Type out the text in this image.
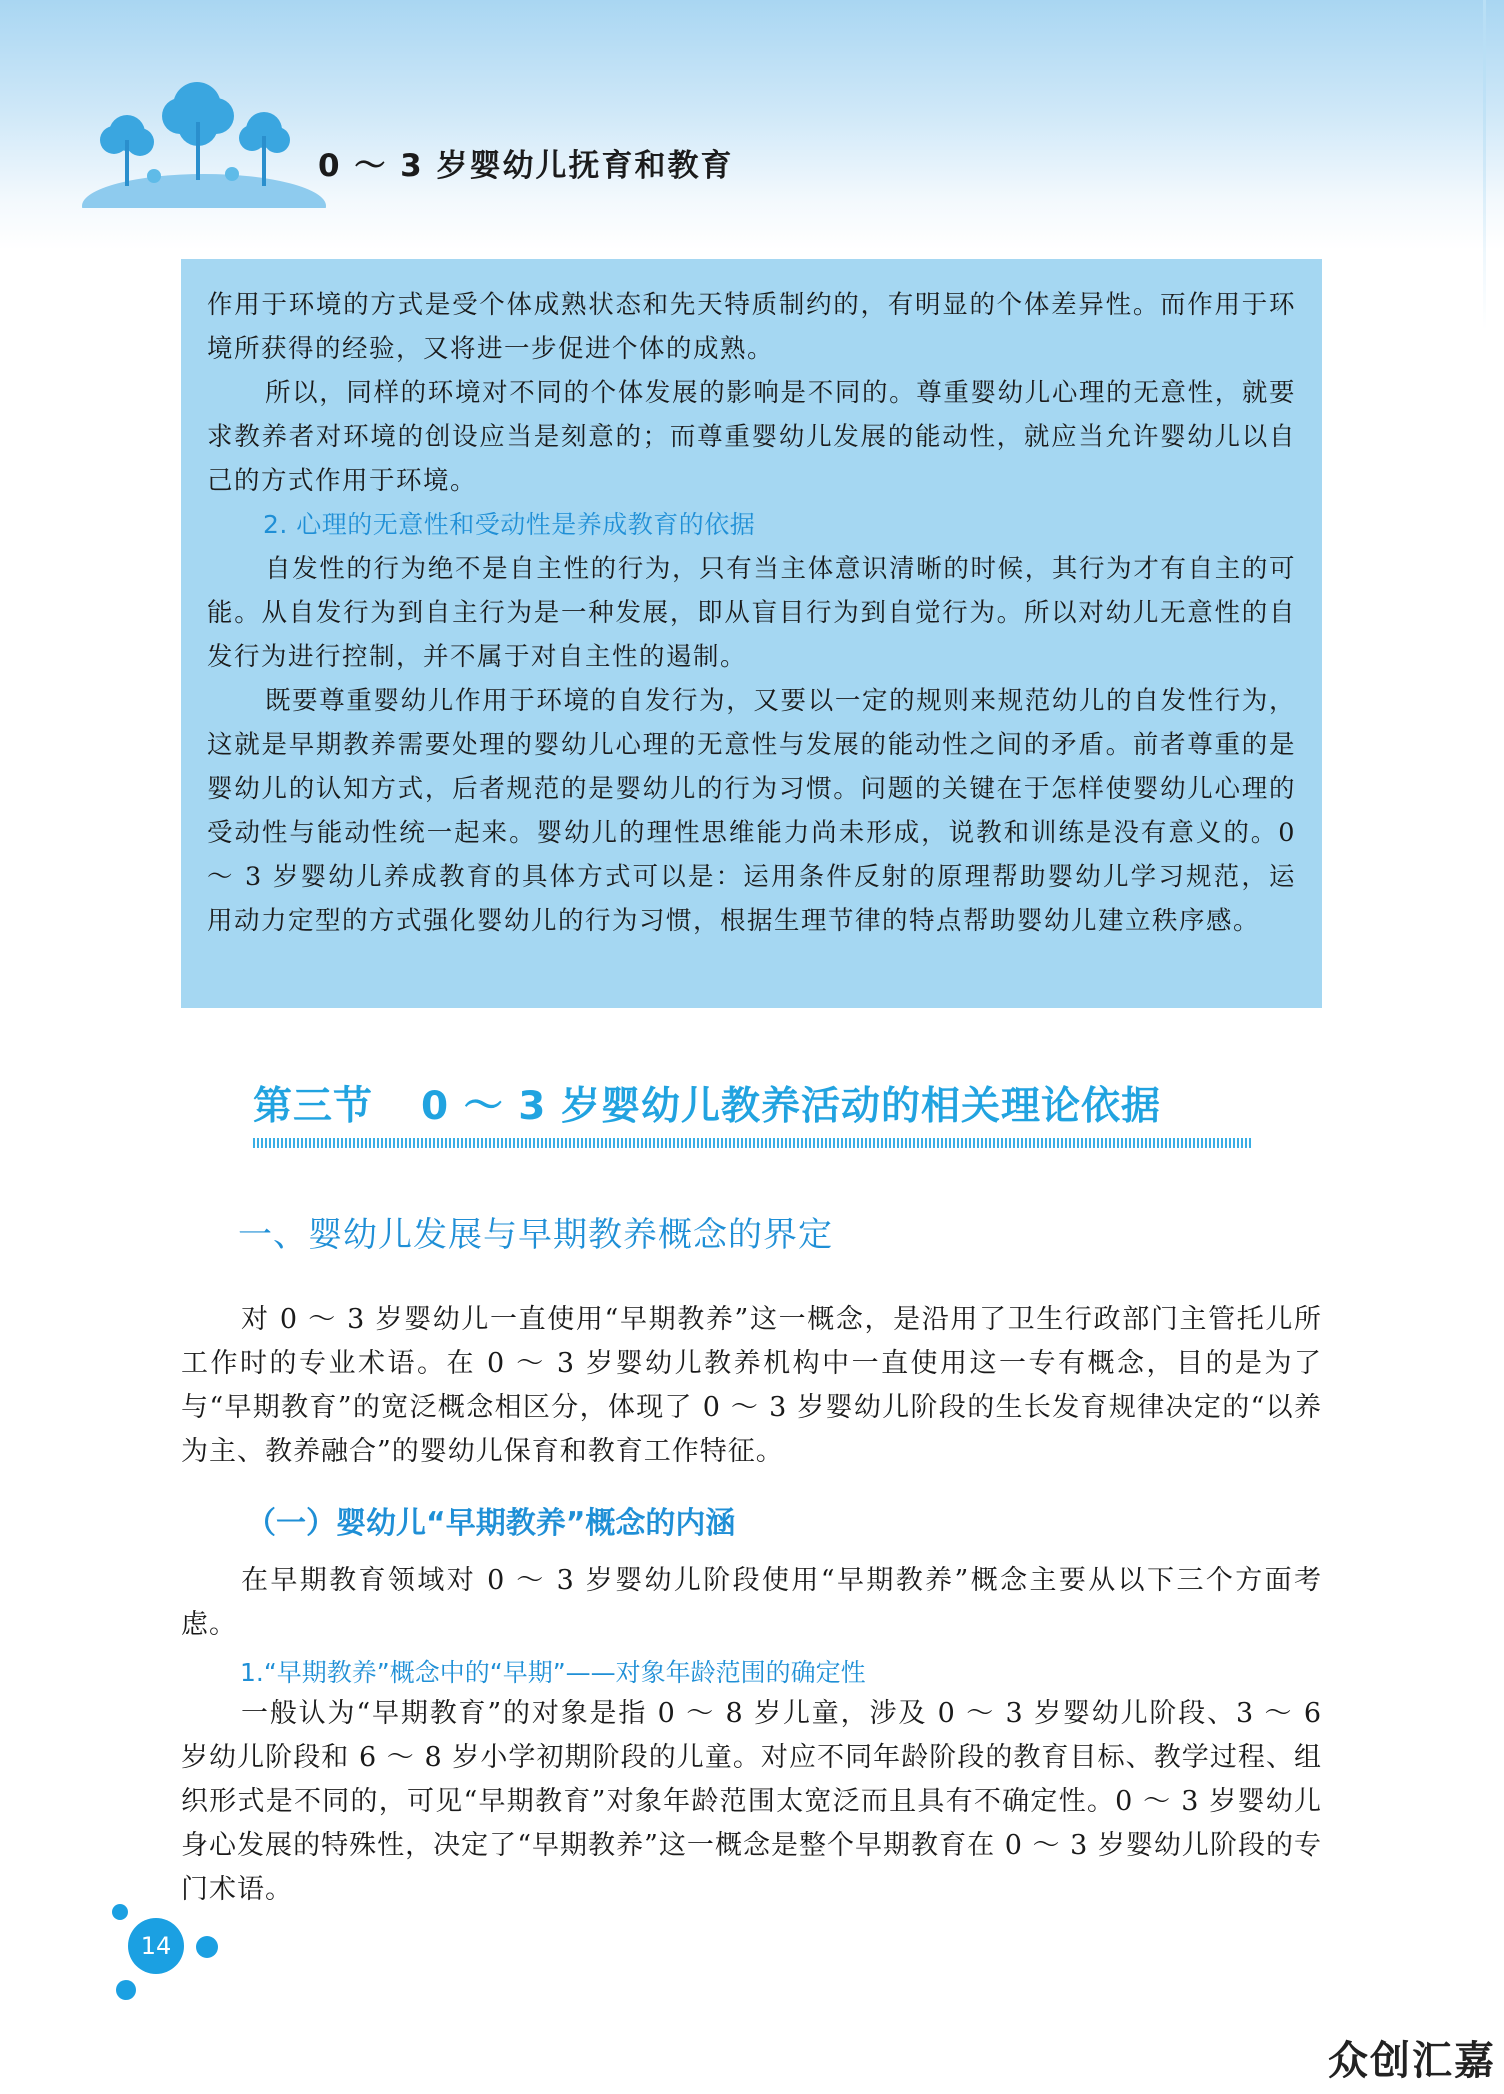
0 ～ 3 岁婴幼儿抚育和教育

作用于环境的方式是受个体成熟状态和先天特质制约的，有明显的个体差异性。而作用于环境所获得的经验，又将进一步促进个体的成熟。

所以，同样的环境对不同的个体发展的影响是不同的。尊重婴幼儿心理的无意性，就要求教养者对环境的创设应当是刻意的；而尊重婴幼儿发展的能动性，就应当允许婴幼儿以自己的方式作用于环境。

2. 心理的无意性和受动性是养成教育的依据

自发性的行为绝不是自主性的行为，只有当主体意识清晰的时候，其行为才有自主的可能。从自发行为到自主行为是一种发展，即从盲目行为到自觉行为。所以对幼儿无意性的自发行为进行控制，并不属于对自主性的遏制。

既要尊重婴幼儿作用于环境的自发行为，又要以一定的规则来规范幼儿的自发性行为，这就是早期教养需要处理的婴幼儿心理的无意性与发展的能动性之间的矛盾。前者尊重的是婴幼儿的认知方式，后者规范的是婴幼儿的行为习惯。问题的关键在于怎样使婴幼儿心理的受动性与能动性统一起来。婴幼儿的理性思维能力尚未形成，说教和训练是没有意义的。0 ～ 3 岁婴幼儿养成教育的具体方式可以是：运用条件反射的原理帮助婴幼儿学习规范，运用动力定型的方式强化婴幼儿的行为习惯，根据生理节律的特点帮助婴幼儿建立秩序感。

第三节 0 ～ 3 岁婴幼儿教养活动的相关理论依据
一、婴幼儿发展与早期教养概念的界定

对 0 ～ 3 岁婴幼儿一直使用“早期教养”这一概念，是沿用了卫生行政部门主管托儿所工作时的专业术语。在 0 ～ 3 岁婴幼儿教养机构中一直使用这一专有概念，目的是为了与“早期教育”的宽泛概念相区分，体现了 0 ～ 3 岁婴幼儿阶段的生长发育规律决定的“以养为主、教养融合”的婴幼儿保育和教育工作特征。

（一）婴幼儿“早期教养”概念的内涵

在早期教育领域对 0 ～ 3 岁婴幼儿阶段使用“早期教养”概念主要从以下三个方面考虑。

1.“早期教养”概念中的“早期”——对象年龄范围的确定性

一般认为“早期教育”的对象是指 0 ～ 8 岁儿童，涉及 0 ～ 3 岁婴幼儿阶段、3 ～ 6 岁幼儿阶段和 6 ～ 8 岁小学初期阶段的儿童。对应不同年龄阶段的教育目标、教学过程、组织形式是不同的，可见“早期教育”对象年龄范围太宽泛而且具有不确定性。0 ～ 3 岁婴幼儿身心发展的特殊性，决定了“早期教养”这一概念是整个早期教育在 0 ～ 3 岁婴幼儿阶段的专门术语。

14
众创汇嘉
